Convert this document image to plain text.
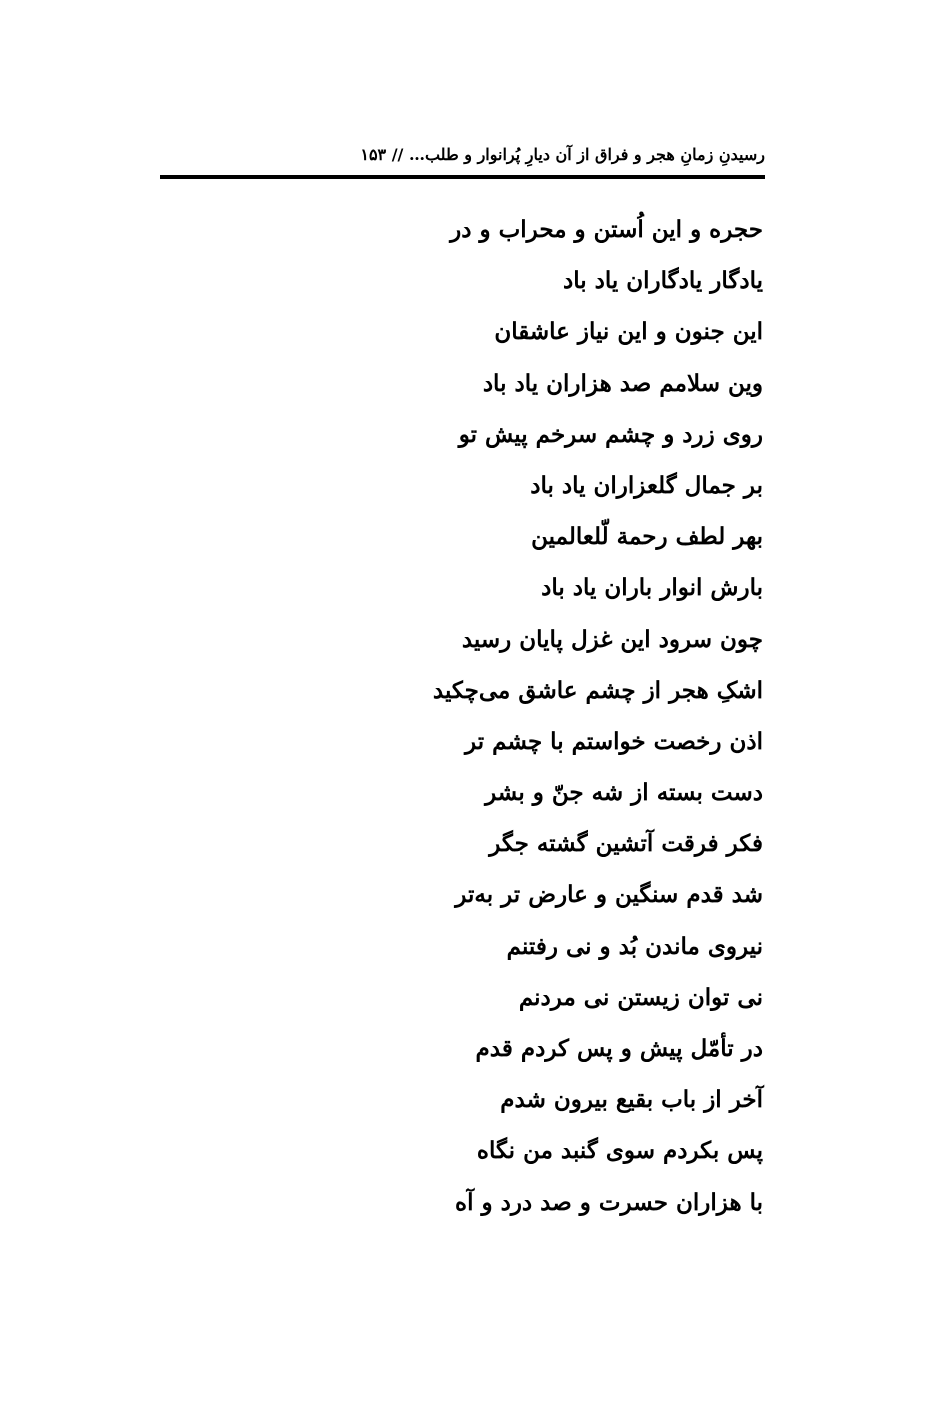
رسیدنِ زمانِ هجر و فراق از آن دیارِ پُرانوار و طلب… // ۱۵۳
حجره و این اُستن و محراب و در
یادگار یادگاران یاد باد
این جنون و این نیاز عاشقان
وین سلامم صد هزاران یاد باد
روی زرد و چشم سرخم پیش تو
بر جمال گلعزاران یاد باد
بهر لطف رحمة لّلعالمین
بارش انوار باران یاد باد
چون سرود این غزل پایان رسید
اشکِ هجر از چشم عاشق می‌چکید
اذن رخصت خواستم با چشم تر
دست بسته از شه جنّ و بشر
فکر فرقت آتشین گشته جگر
شد قدم سنگین و عارض تر به‌تر
نیروی ماندن بُد و نی رفتنم
نی توان زیستن نی مردنم
در تأمّل پیش و پس کردم قدم
آخر از باب بقیع بیرون شدم
پس بکردم سوی گنبد من نگاه
با هزاران حسرت و صد درد و آه
